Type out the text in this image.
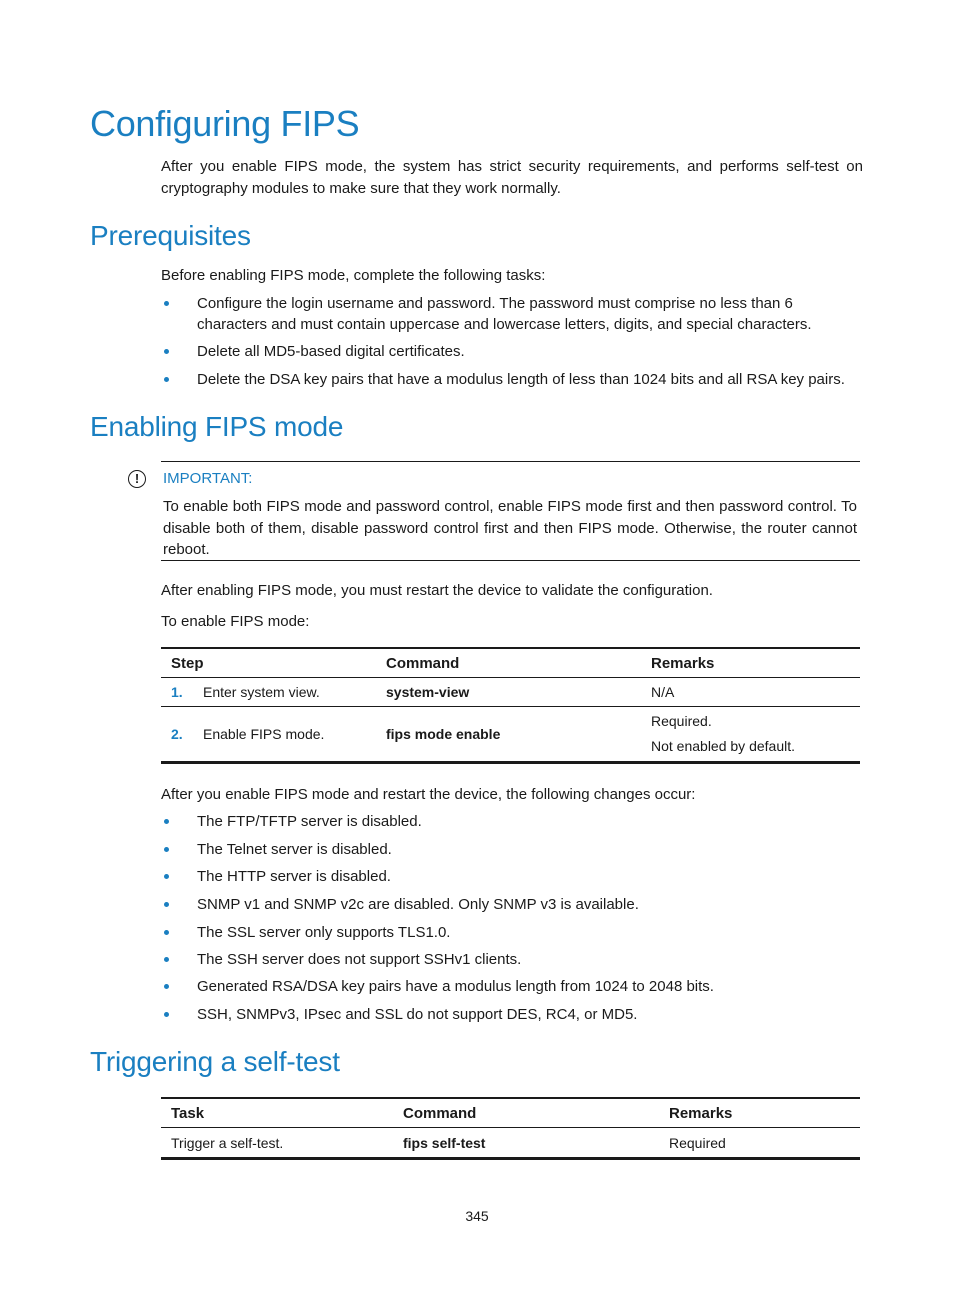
Configuring FIPS

After you enable FIPS mode, the system has strict security requirements, and performs self-test on cryptography modules to make sure that they work normally.

Prerequisites

Before enabling FIPS mode, complete the following tasks:

Configure the login username and password. The password must comprise no less than 6 characters and must contain uppercase and lowercase letters, digits, and special characters.
Delete all MD5-based digital certificates.
Delete the DSA key pairs that have a modulus length of less than 1024 bits and all RSA key pairs.
Enabling FIPS mode
!	IMPORTANT:

To enable both FIPS mode and password control, enable FIPS mode first and then password control. To disable both of them, disable password control first and then FIPS mode. Otherwise, the router cannot reboot.

After enabling FIPS mode, you must restart the device to validate the configuration.

To enable FIPS mode:

Step	Command	Remarks
1. Enter system view.	system-view	N/A
2. Enable FIPS mode.	fips mode enable	Required.
Not enabled by default.

After you enable FIPS mode and restart the device, the following changes occur:

The FTP/TFTP server is disabled.
The Telnet server is disabled.
The HTTP server is disabled.
SNMP v1 and SNMP v2c are disabled. Only SNMP v3 is available.
The SSL server only supports TLS1.0.
The SSH server does not support SSHv1 clients.
Generated RSA/DSA key pairs have a modulus length from 1024 to 2048 bits.
SSH, SNMPv3, IPsec and SSL do not support DES, RC4, or MD5.
Triggering a self-test
Task	Command	Remarks
Trigger a self-test.	fips self-test	Required
345
